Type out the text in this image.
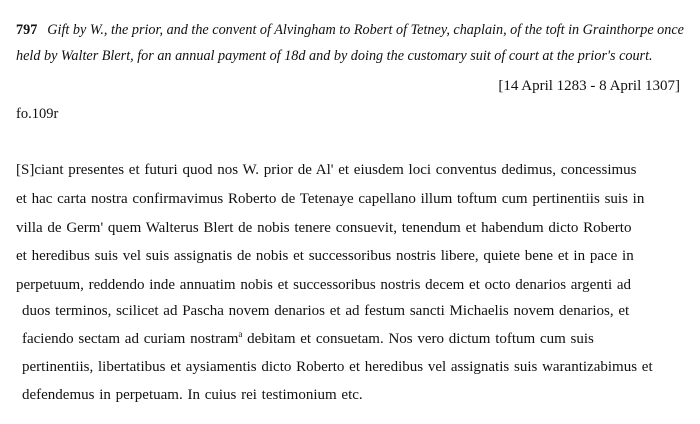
797 Gift by W., the prior, and the convent of Alvingham to Robert of Tetney, chaplain, of the toft in Grainthorpe once

held by Walter Blert, for an annual payment of 18d and by doing the customary suit of court at the prior's court.

[14 April 1283 - 8 April 1307]

fo.109r

[S]ciant presentes et futuri quod nos W. prior de Al' et eiusdem loci conventus dedimus, concessimus

et hac carta nostra confirmavimus Roberto de Tetenaye capellano illum toftum cum pertinentiis suis in

villa de Germ' quem Walterus Blert de nobis tenere consuevit, tenendum et habendum dicto Roberto

et heredibus suis vel suis assignatis de nobis et successoribus nostris libere, quiete bene et in pace in

perpetuum, reddendo inde annuatim nobis et successoribus nostris decem et octo denarios argenti ad

duos terminos, scilicet ad Pascha novem denarios et ad festum sancti Michaelis novem denarios, et

faciendo sectam ad curiam nostram$^a$ debitam et consuetam. Nos vero dictum toftum cum suis

pertinentiis, libertatibus et aysiamentis dicto Roberto et heredibus vel assignatis suis warantizabimus et

defendemus in perpetuam. In cuius rei testimonium etc.
